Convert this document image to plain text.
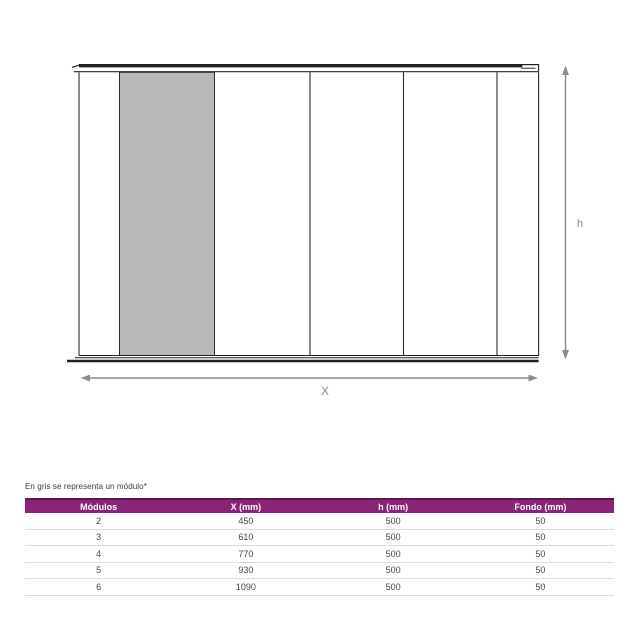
X
h
En gris se representa un módulo*
Módulos	X (mm)	h (mm)	Fondo (mm)
2	450	500	50
3	610	500	50
4	770	500	50
5	930	500	50
6	1090	500	50
